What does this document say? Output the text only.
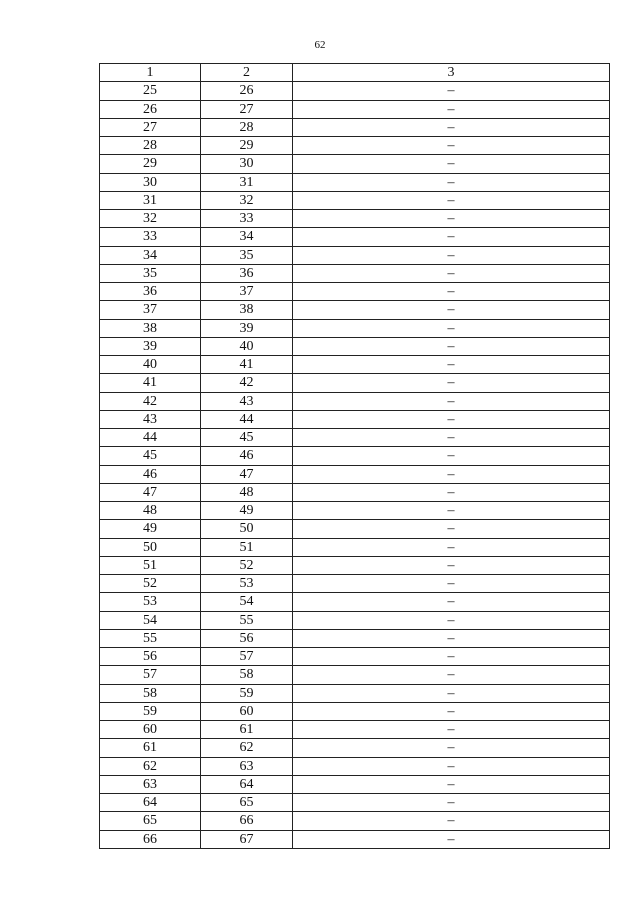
62
1	2	3
25	26	–
26	27	–
27	28	–
28	29	–
29	30	–
30	31	–
31	32	–
32	33	–
33	34	–
34	35	–
35	36	–
36	37	–
37	38	–
38	39	–
39	40	–
40	41	–
41	42	–
42	43	–
43	44	–
44	45	–
45	46	–
46	47	–
47	48	–
48	49	–
49	50	–
50	51	–
51	52	–
52	53	–
53	54	–
54	55	–
55	56	–
56	57	–
57	58	–
58	59	–
59	60	–
60	61	–
61	62	–
62	63	–
63	64	–
64	65	–
65	66	–
66	67	–
